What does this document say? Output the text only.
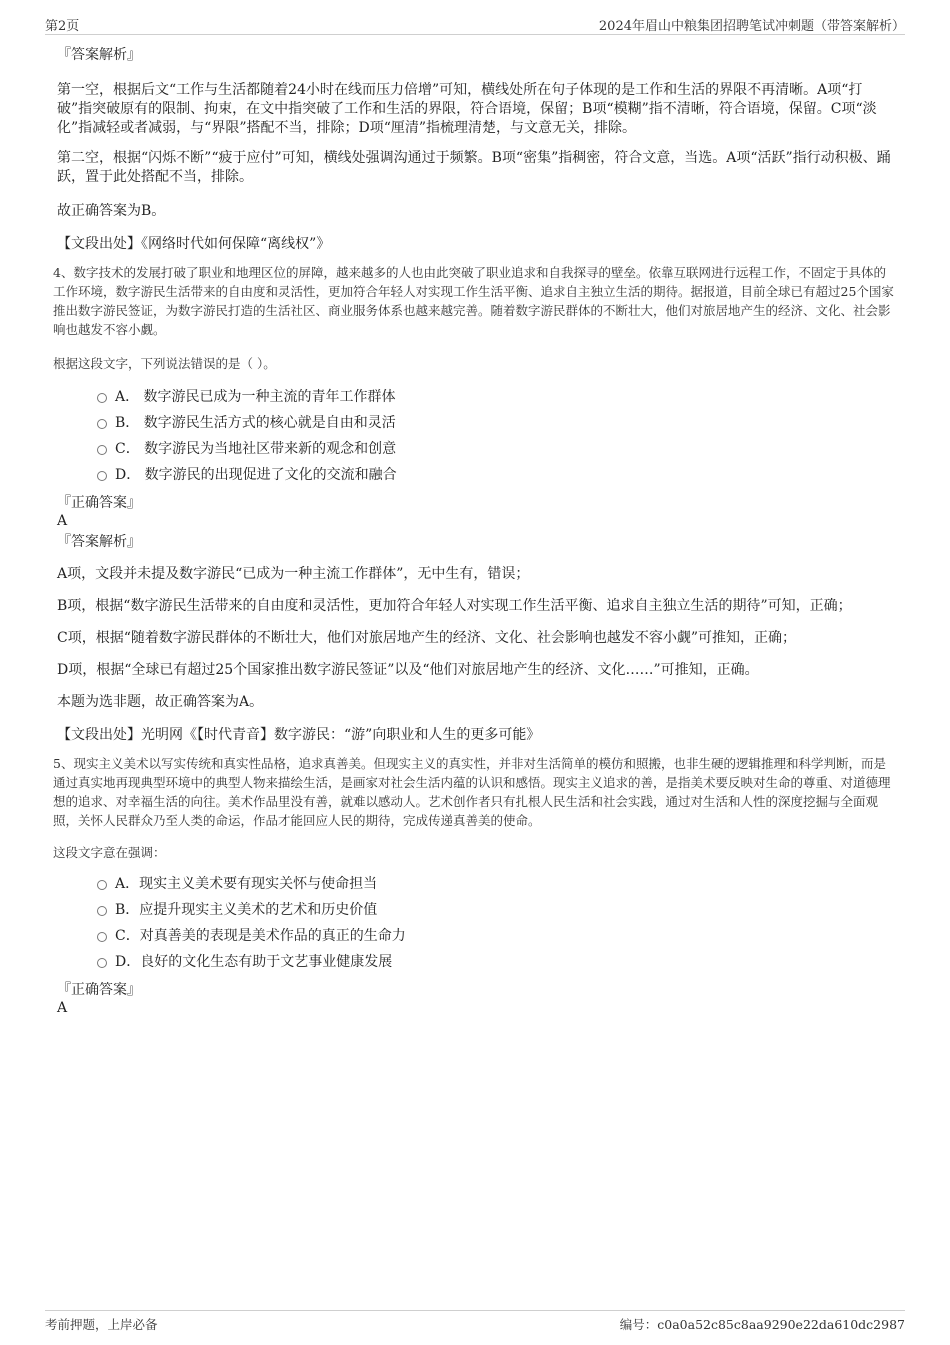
第2页	2024年眉山中粮集团招聘笔试冲刺题（带答案解析）

『答案解析』

第一空，根据后文“工作与生活都随着24小时在线而压力倍增”可知，横线处所在句子体现的是工作和生活的界限不再清晰。A项“打破”指突破原有的限制、拘束，在文中指突破了工作和生活的界限，符合语境，保留；B项“模糊”指不清晰，符合语境，保留。C项“淡化”指减轻或者减弱，与“界限”搭配不当，排除；D项“厘清”指梳理清楚，与文意无关，排除。

第二空，根据“闪烁不断”“疲于应付”可知，横线处强调沟通过于频繁。B项“密集”指稠密，符合文意，当选。A项“活跃”指行动积极、踊跃，置于此处搭配不当，排除。

故正确答案为B。

【文段出处】《网络时代如何保障“离线权”》

4、数字技术的发展打破了职业和地理区位的屏障，越来越多的人也由此突破了职业追求和自我探寻的壁垒。依靠互联网进行远程工作，不固定于具体的工作环境，数字游民生活带来的自由度和灵活性，更加符合年轻人对实现工作生活平衡、追求自主独立生活的期待。据报道，目前全球已有超过25个国家推出数字游民签证，为数字游民打造的生活社区、商业服务体系也越来越完善。随着数字游民群体的不断壮大，他们对旅居地产生的经济、文化、社会影响也越发不容小觑。

根据这段文字，下列说法错误的是（ ）。

A． 数字游民已成为一种主流的青年工作群体
B． 数字游民生活方式的核心就是自由和灵活
C． 数字游民为当地社区带来新的观念和创意
D． 数字游民的出现促进了文化的交流和融合

『正确答案』

A

『答案解析』

A项，文段并未提及数字游民“已成为一种主流工作群体”，无中生有，错误；

B项，根据“数字游民生活带来的自由度和灵活性，更加符合年轻人对实现工作生活平衡、追求自主独立生活的期待”可知，正确；

C项，根据“随着数字游民群体的不断壮大，他们对旅居地产生的经济、文化、社会影响也越发不容小觑”可推知，正确；

D项，根据“全球已有超过25个国家推出数字游民签证”以及“他们对旅居地产生的经济、文化……”可推知，正确。

本题为选非题，故正确答案为A。

【文段出处】光明网《【时代青音】数字游民：“游”向职业和人生的更多可能》

5、现实主义美术以写实传统和真实性品格，追求真善美。但现实主义的真实性，并非对生活简单的模仿和照搬，也非生硬的逻辑推理和科学判断，而是通过真实地再现典型环境中的典型人物来描绘生活，是画家对社会生活内蕴的认识和感悟。现实主义追求的善，是指美术要反映对生命的尊重、对道德理想的追求、对幸福生活的向往。美术作品里没有善，就难以感动人。艺术创作者只有扎根人民生活和社会实践，通过对生活和人性的深度挖掘与全面观照，关怀人民群众乃至人类的命运，作品才能回应人民的期待，完成传递真善美的使命。

这段文字意在强调：

A．现实主义美术要有现实关怀与使命担当
B．应提升现实主义美术的艺术和历史价值
C．对真善美的表现是美术作品的真正的生命力
D．良好的文化生态有助于文艺事业健康发展

『正确答案』

A

考前押题，上岸必备	编号：c0a0a52c85c8aa9290e22da610dc2987
